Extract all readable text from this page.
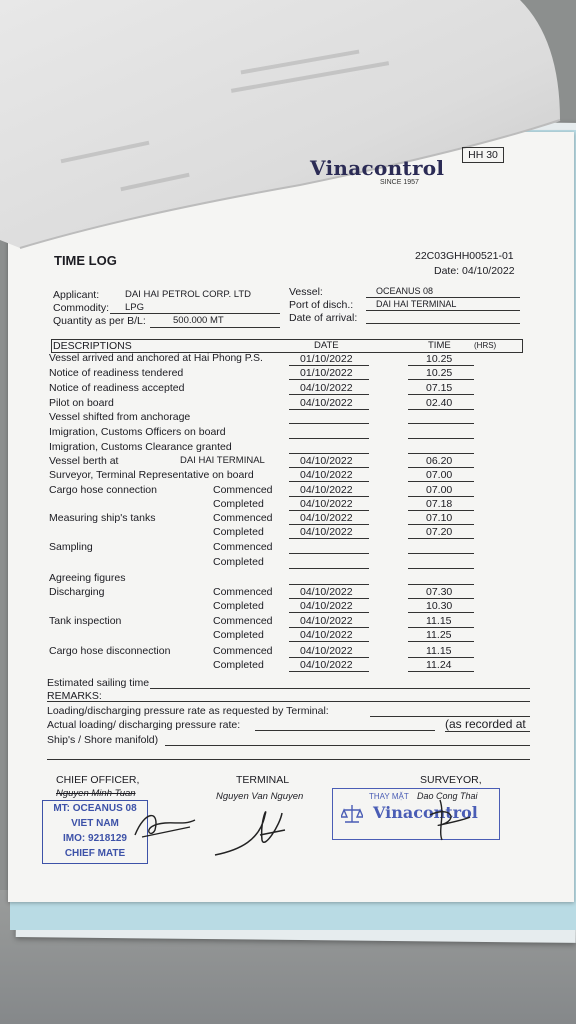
HH 30
Vinacontrol
SINCE 1957
TIME LOG	22C03GHH00521-01
Date: 04/10/2022
Applicant:	DAI HAI PETROL CORP. LTD
Commodity: LPG
Quantity as per B/L:	500.000 MT
Vessel:	OCEANUS 08
Port of disch.:	DAI HAI TERMINAL
Date of arrival:
DESCRIPTIONS	DATE	TIME	(HRS)
Vessel arrived and anchored at Hai Phong P.S.	01/10/2022	10.25
Notice of readiness tendered	01/10/2022	10.25
Notice of readiness accepted	04/10/2022	07.15
Pilot on board	04/10/2022	02.40
Vessel shifted from anchorage
Imigration, Customs Officers on board
Imigration, Customs Clearance granted
Vessel berth at	DAI HAI TERMINAL	04/10/2022	06.20
Surveyor, Terminal Representative on board	04/10/2022	07.00
Cargo hose connection	Commenced	04/10/2022	07.00
Completed	04/10/2022	07.18
Measuring ship's tanks	Commenced	04/10/2022	07.10
Completed	04/10/2022	07.20
Sampling	Commenced
Completed
Agreeing figures
Discharging	Commenced	04/10/2022	07.30
Completed	04/10/2022	10.30
Tank inspection	Commenced	04/10/2022	11.15
Completed	04/10/2022	11.25
Cargo hose disconnection	Commenced	04/10/2022	11.15
Completed	04/10/2022	11.24
Estimated sailing time
REMARKS:
Loading/discharging pressure rate as requested by Terminal:
Actual loading/ discharging pressure rate:	(as recorded at
Ship's / Shore manifold)
CHIEF OFFICER,
Nguyen Minh Tuan
TERMINAL
Nguyen Van Nguyen
SURVEYOR,
THAY MẶT Dao Cong Thai
MT: OCEANUS 08
VIET NAM
IMO: 9218129
CHIEF MATE
Vinacontrol
